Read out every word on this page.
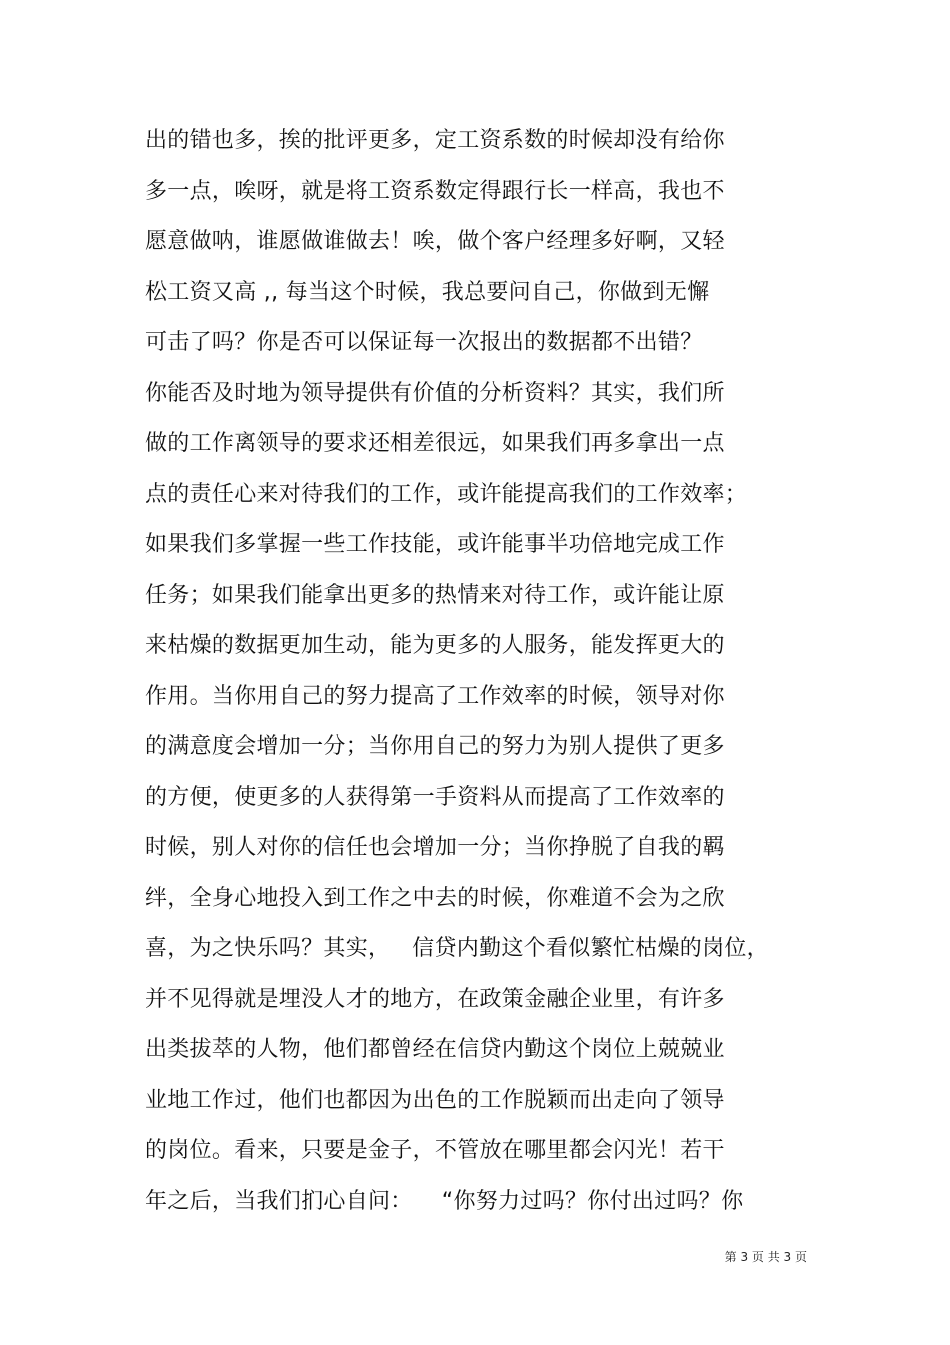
出的错也多，挨的批评更多，定工资系数的时候却没有给你
多一点，唉呀，就是将工资系数定得跟行长一样高，我也不
愿意做呐，谁愿做谁做去！唉，做个客户经理多好啊，又轻
松工资又高 ,, 每当这个时候，我总要问自己，你做到无懈
可击了吗？你是否可以保证每一次报出的数据都不出错？
你能否及时地为领导提供有价值的分析资料？其实，我们所
做的工作离领导的要求还相差很远，如果我们再多拿出一点
点的责任心来对待我们的工作，或许能提高我们的工作效率；
如果我们多掌握一些工作技能，或许能事半功倍地完成工作
任务；如果我们能拿出更多的热情来对待工作，或许能让原
来枯燥的数据更加生动，能为更多的人服务，能发挥更大的
作用。当你用自己的努力提高了工作效率的时候，领导对你
的满意度会增加一分；当你用自己的努力为别人提供了更多
的方便，使更多的人获得第一手资料从而提高了工作效率的
时候，别人对你的信任也会增加一分；当你挣脱了自我的羁
绊，全身心地投入到工作之中去的时候，你难道不会为之欣
喜，为之快乐吗？其实，   信贷内勤这个看似繁忙枯燥的岗位，
并不见得就是埋没人才的地方，在政策金融企业里，有许多
出类拔萃的人物，他们都曾经在信贷内勤这个岗位上兢兢业
业地工作过，他们也都因为出色的工作脱颖而出走向了领导
的岗位。看来，只要是金子，不管放在哪里都会闪光！若干
年之后，当我们扪心自问：    “你努力过吗？你付出过吗？你
第 3 页 共 3 页
